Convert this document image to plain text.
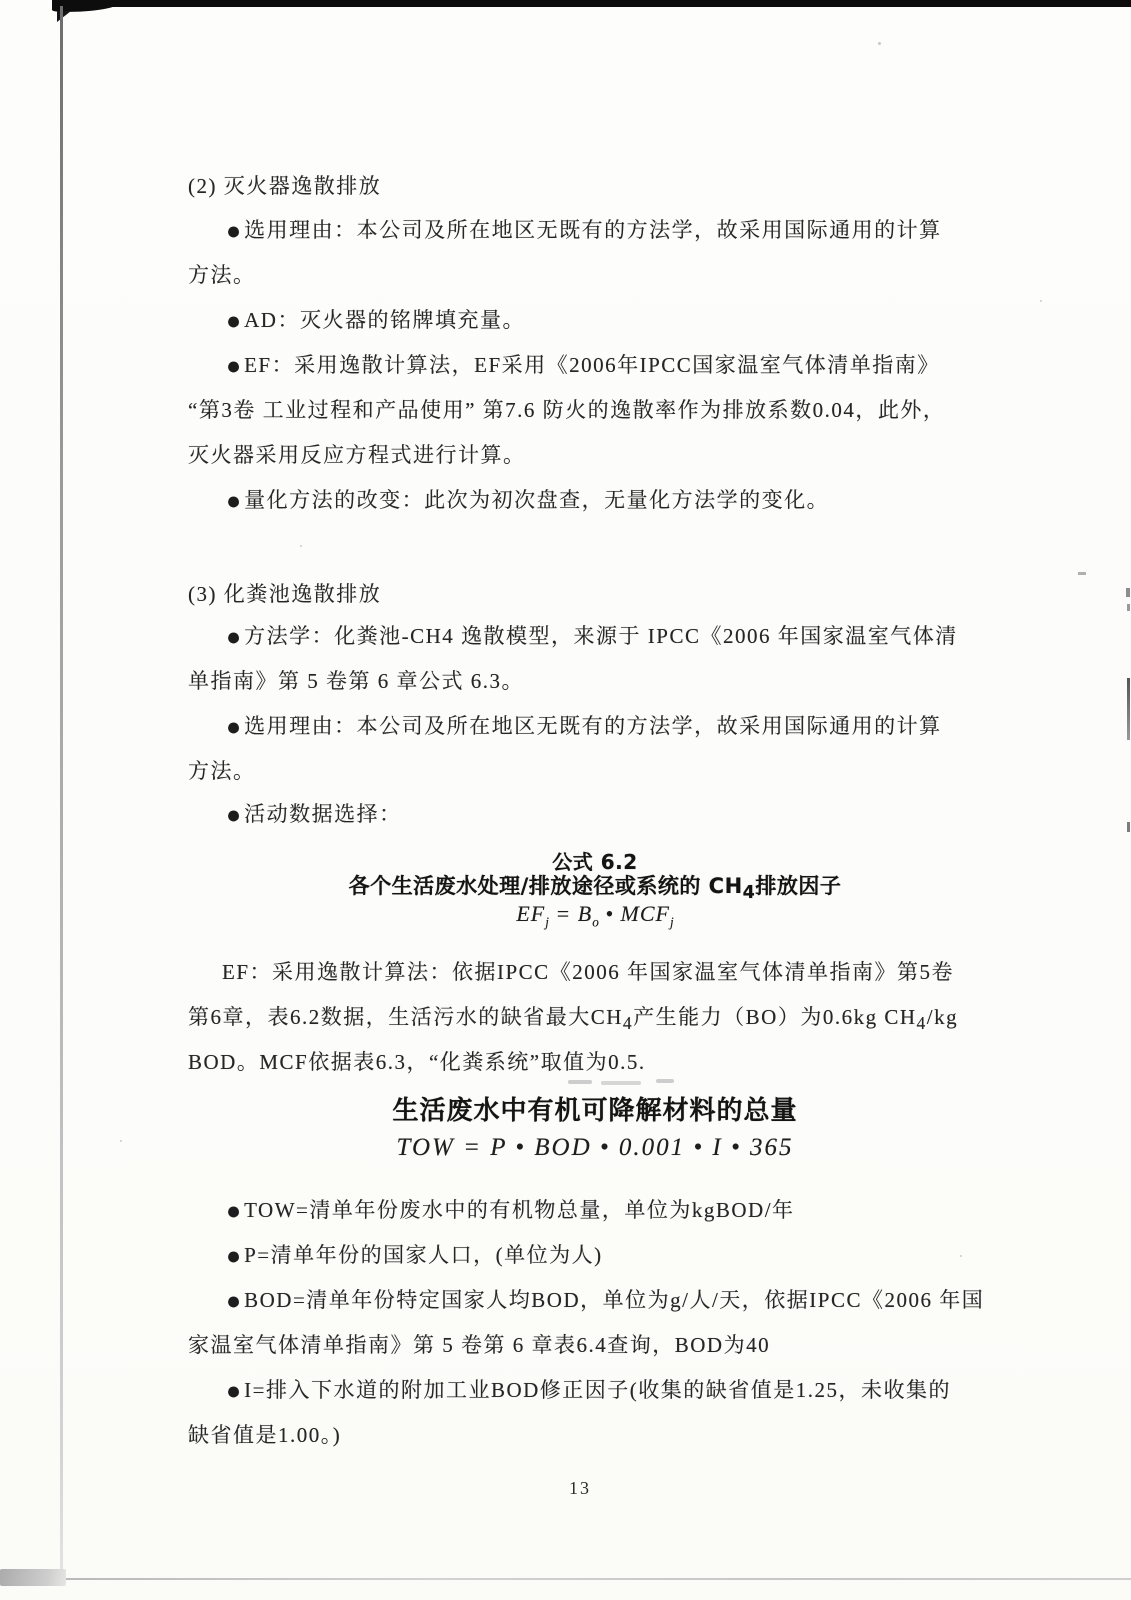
(2) 灭火器逸散排放
● 选用理由：本公司及所在地区无既有的方法学，故采用国际通用的计算
方法。
● AD：灭火器的铭牌填充量。
● EF：采用逸散计算法，EF采用《2006年IPCC国家温室气体清单指南》
“第3卷 工业过程和产品使用” 第7.6 防火的逸散率作为排放系数0.04，此外，
灭火器采用反应方程式进行计算。
● 量化方法的改变：此次为初次盘查，无量化方法学的变化。
(3) 化粪池逸散排放
● 方法学：化粪池-CH4 逸散模型，来源于 IPCC《2006 年国家温室气体清
单指南》第 5 卷第 6 章公式 6.3。
● 选用理由：本公司及所在地区无既有的方法学，故采用国际通用的计算
方法。
● 活动数据选择：
公式 6.2
各个生活废水处理/排放途径或系统的 $CH_4$排放因子
$EF_j = B_o$ • $MCF_j$
EF：采用逸散计算法：依据IPCC《2006 年国家温室气体清单指南》第5卷
第6章，表6.2数据，生活污水的缺省最大$CH_4$产生能力（BO）为0.6kg $CH_4/kg$
BOD。MCF依据表6.3，“化粪系统”取值为0.5.
生活废水中有机可降解材料的总量
TOW = P • BOD • 0.001 • I • 365
● TOW=清单年份废水中的有机物总量，单位为kgBOD/年
● P=清单年份的国家人口，(单位为人)
● BOD=清单年份特定国家人均BOD，单位为g/人/天，依据IPCC《2006 年国
家温室气体清单指南》第 5 卷第 6 章表6.4查询，BOD为40
● I=排入下水道的附加工业BOD修正因子(收集的缺省值是1.25，未收集的
缺省值是1.00。)
13
